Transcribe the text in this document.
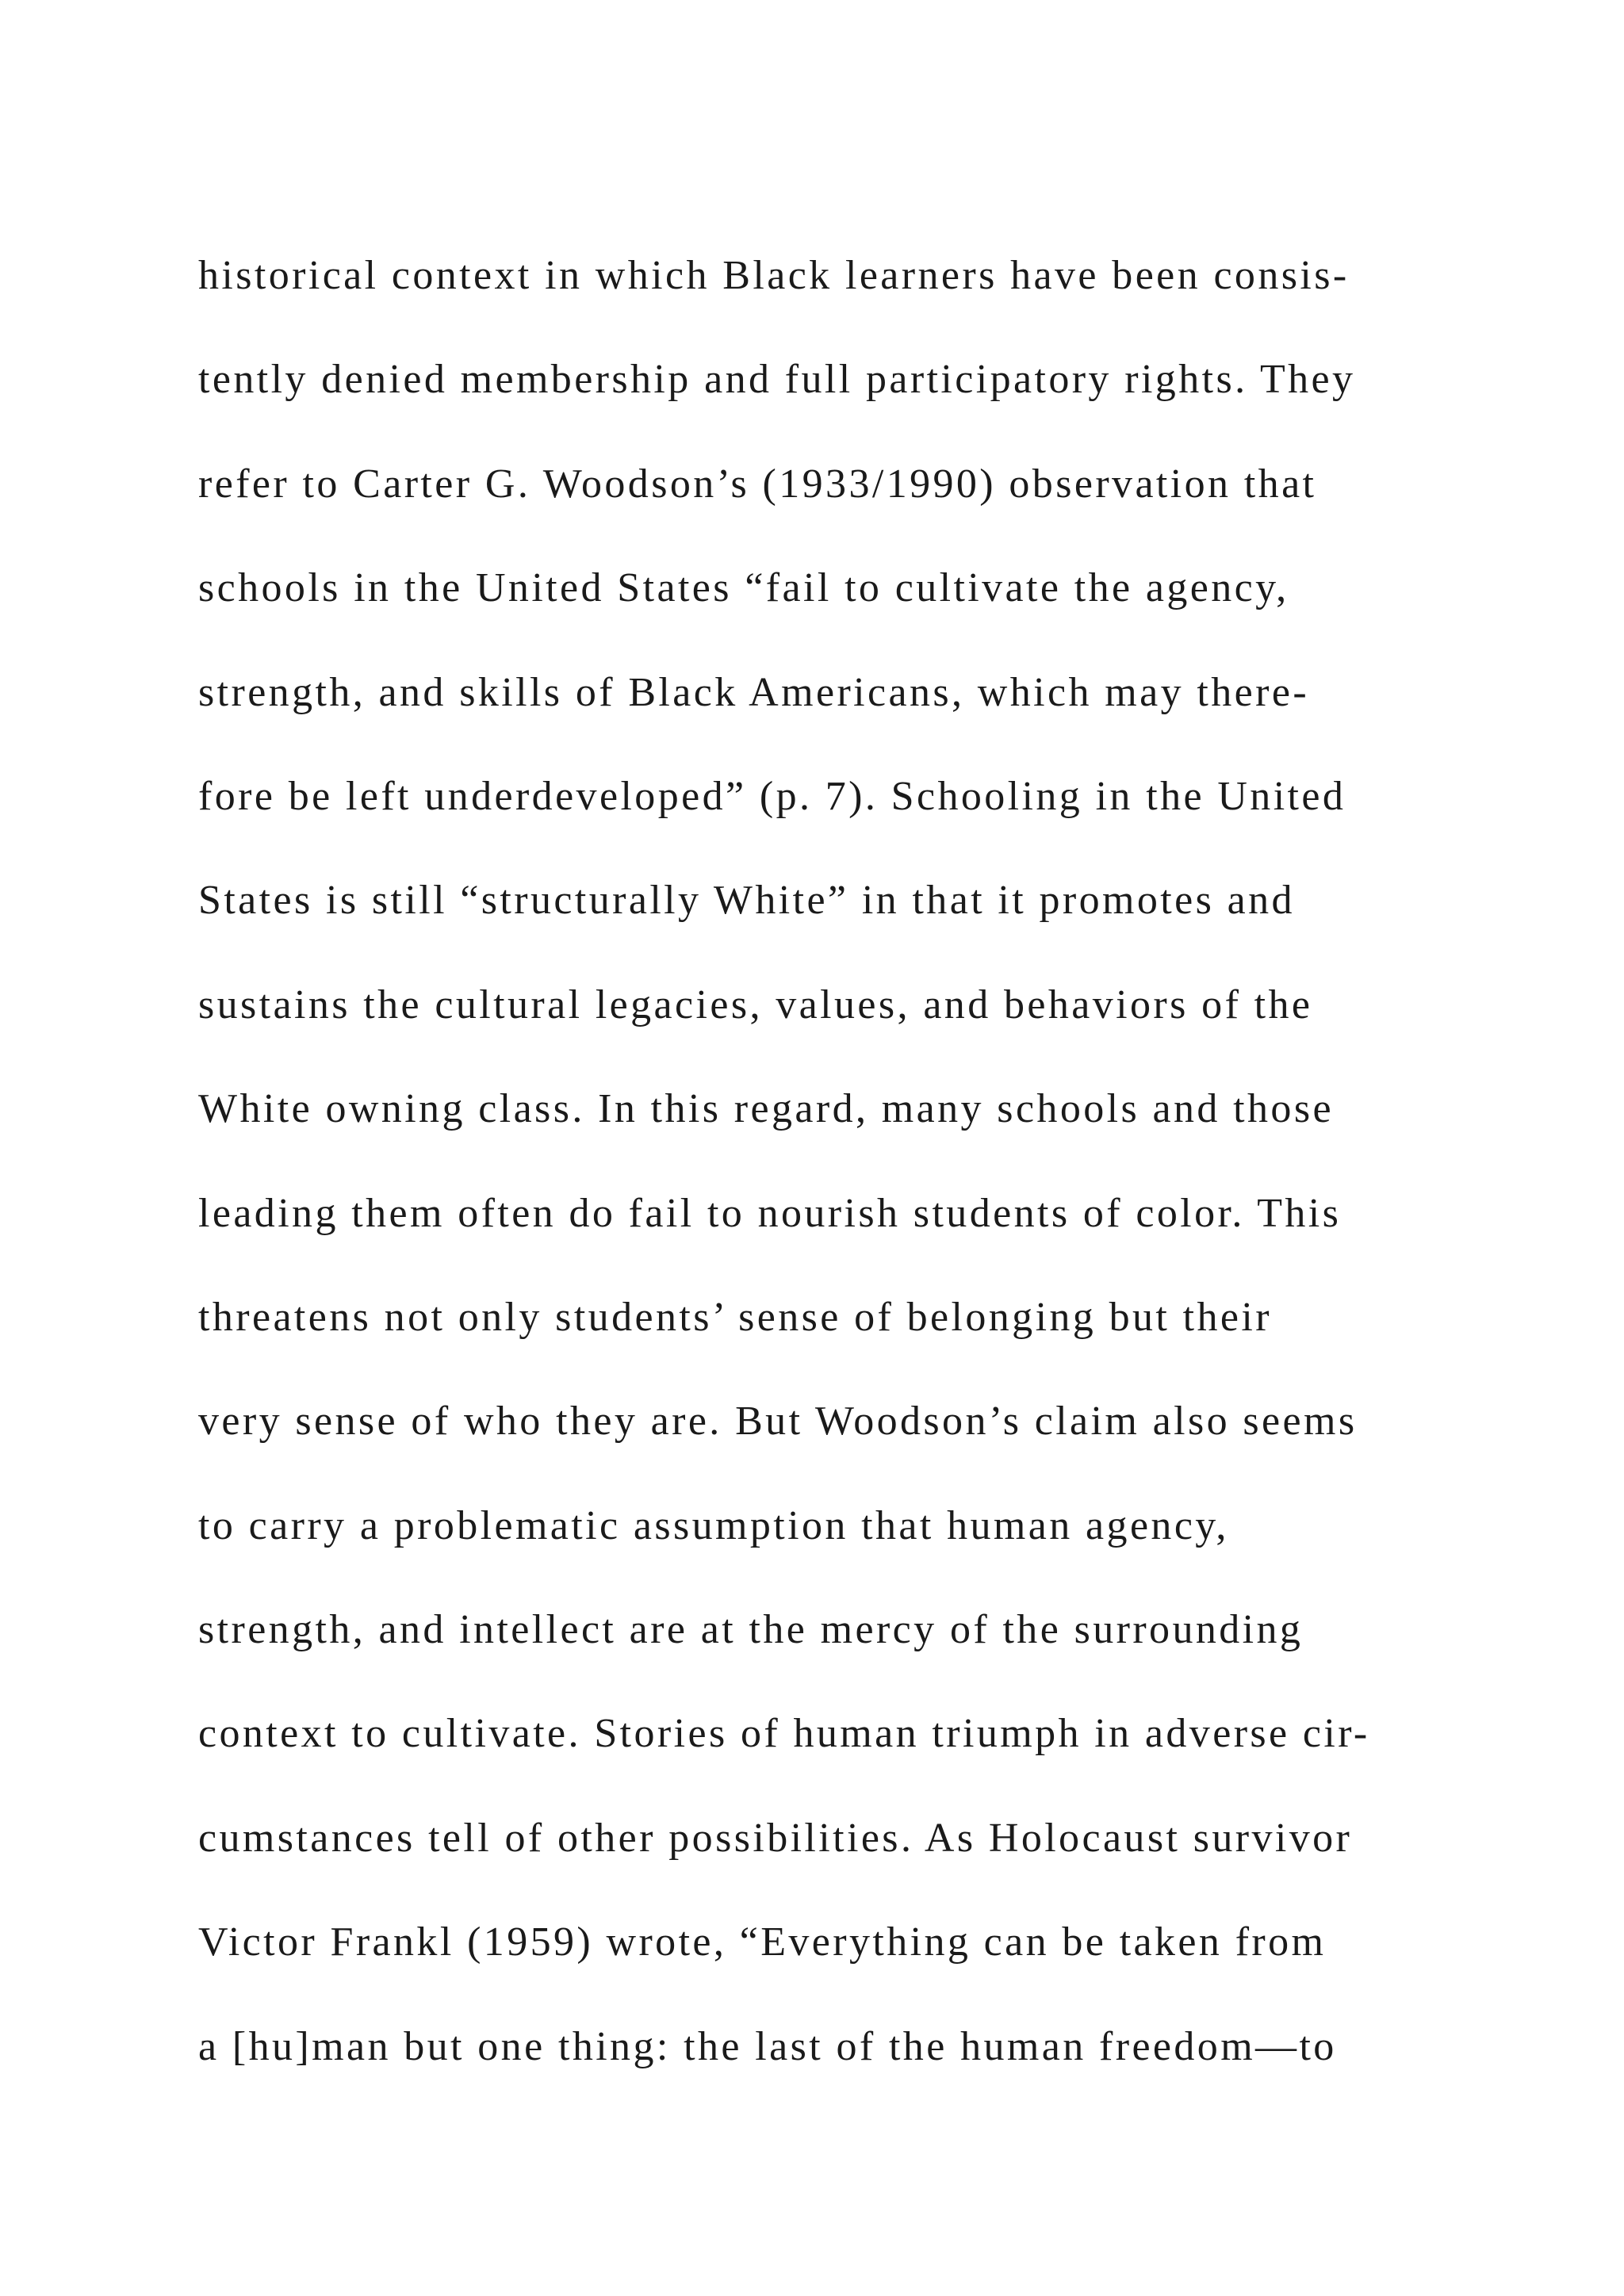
historical context in which Black learners have been consis-
tently denied membership and full participatory rights. They
refer to Carter G. Woodson’s (1933/1990) observation that
schools in the United States “fail to cultivate the agency,
strength, and skills of Black Americans, which may there-
fore be left underdeveloped” (p. 7). Schooling in the United
States is still “structurally White” in that it promotes and
sustains the cultural legacies, values, and behaviors of the
White owning class. In this regard, many schools and those
leading them often do fail to nourish students of color. This
threatens not only students’ sense of belonging but their
very sense of who they are. But Woodson’s claim also seems
to carry a problematic assumption that human agency,
strength, and intellect are at the mercy of the surrounding
context to cultivate. Stories of human triumph in adverse cir-
cumstances tell of other possibilities. As Holocaust survivor
Victor Frankl (1959) wrote, “Everything can be taken from
a [hu]man but one thing: the last of the human freedom—to
